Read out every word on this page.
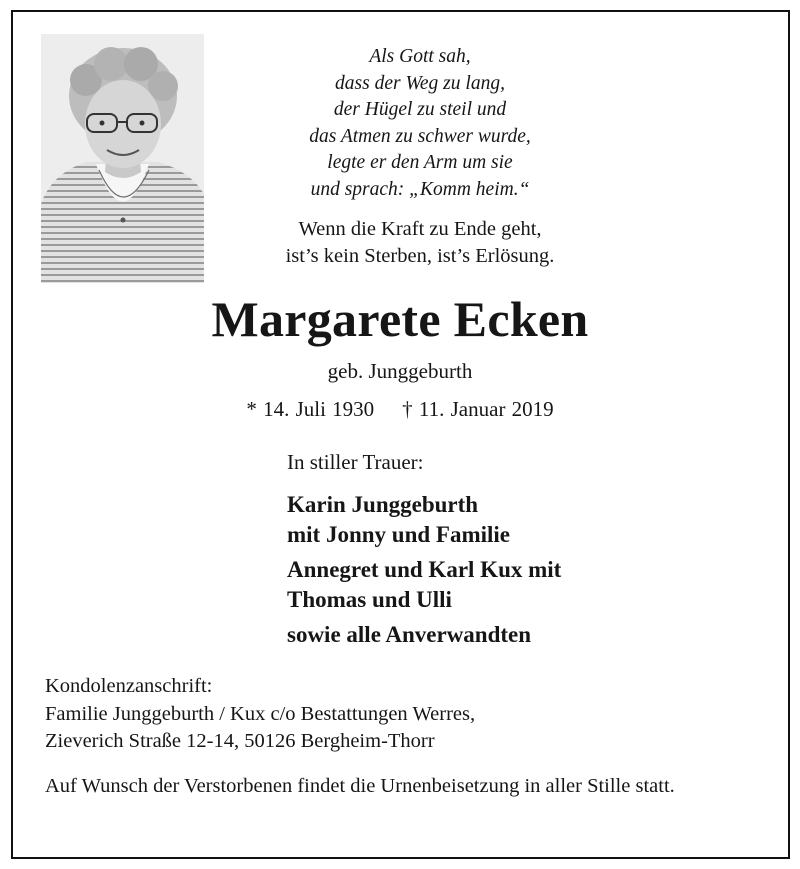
Als Gott sah,
dass der Weg zu lang,
der Hügel zu steil und
das Atmen zu schwer wurde,
legte er den Arm um sie
und sprach: „Komm heim.“
Wenn die Kraft zu Ende geht,
ist’s kein Sterben, ist’s Erlösung.
Margarete Ecken
geb. Junggeburth
* 14. Juli 1930 † 11. Januar 2019
In stiller Trauer:
Karin Junggeburth
mit Jonny und Familie
Annegret und Karl Kux mit
Thomas und Ulli
sowie alle Anverwandten
Kondolenzanschrift:
Familie Junggeburth / Kux c/o Bestattungen Werres,
Zieverich Straße 12-14, 50126 Bergheim-Thorr
Auf Wunsch der Verstorbenen findet die Urnenbeisetzung in aller Stille statt.
